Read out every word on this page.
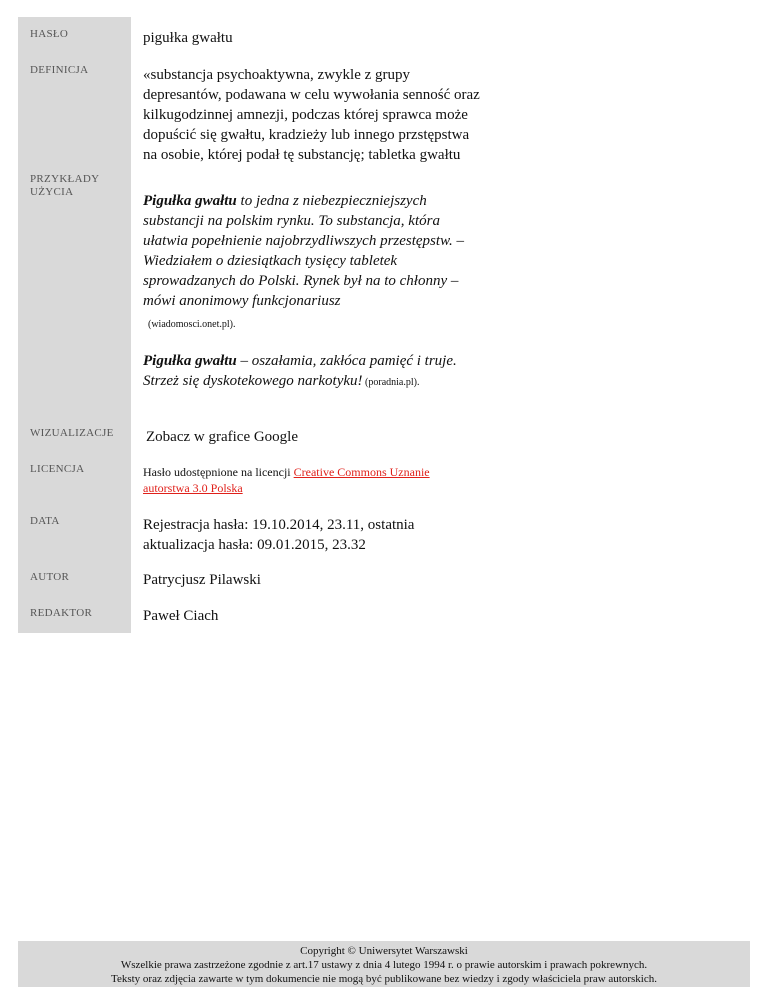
HASŁO
DEFINICJA
PRZYKŁADY
UŻYCIA
WIZUALIZACJE
LICENCJA
DATA
AUTOR
REDAKTOR
pigułka gwałtu
«substancja psychoaktywna, zwykle z grupy depresantów, podawana w celu wywołania senność oraz kilkugodzinnej amnezji, podczas której sprawca może dopuścić się gwałtu, kradzieży lub innego przstępstwa na osobie, której podał tę substancję; tabletka gwałtu
Pigułka gwałtu to jedna z niebezpieczniejszych substancji na polskim rynku. To substancja, która ułatwia popełnienie najobrzydliwszych przestępstw. – Wiedziałem o dziesiątkach tysięcy tabletek sprowadzanych do Polski. Rynek był na to chłonny – mówi anonimowy funkcjonariusz
(wiadomosci.onet.pl).
Pigułka gwałtu – oszałamia, zakłóca pamięć i truje. Strzeż się dyskotekowego narkotyku! (poradnia.pl).
Zobacz w grafice Google
Hasło udostępnione na licencji Creative Commons Uznanie autorstwa 3.0 Polska
Rejestracja hasła: 19.10.2014, 23.11, ostatnia aktualizacja hasła: 09.01.2015, 23.32
Patrycjusz Pilawski
Paweł Ciach
Copyright © Uniwersytet Warszawski
Wszelkie prawa zastrzeżone zgodnie z art.17 ustawy z dnia 4 lutego 1994 r. o prawie autorskim i prawach pokrewnych.
Teksty oraz zdjęcia zawarte w tym dokumencie nie mogą być publikowane bez wiedzy i zgody właściciela praw autorskich.
